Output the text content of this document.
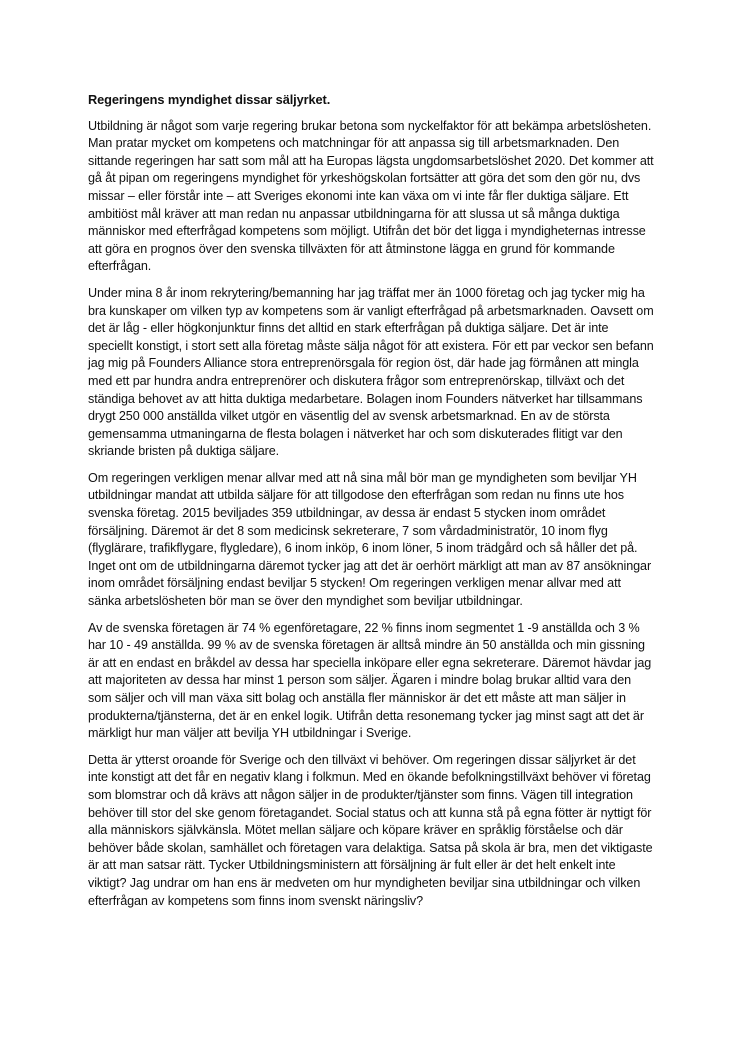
Regeringens myndighet dissar säljyrket.

Utbildning är något som varje regering brukar betona som nyckelfaktor för att bekämpa arbetslösheten. Man pratar mycket om kompetens och matchningar för att anpassa sig till arbetsmarknaden. Den sittande regeringen har satt som mål att ha Europas lägsta ungdomsarbetslöshet 2020. Det kommer att gå åt pipan om regeringens myndighet för yrkeshögskolan fortsätter att göra det som den gör nu, dvs missar – eller förstår inte – att Sveriges ekonomi inte kan växa om vi inte får fler duktiga säljare. Ett ambitiöst mål kräver att man redan nu anpassar utbildningarna för att slussa ut så många duktiga människor med efterfrågad kompetens som möjligt. Utifrån det bör det ligga i myndigheternas intresse att göra en prognos över den svenska tillväxten för att åtminstone lägga en grund för kommande efterfrågan.

Under mina 8 år inom rekrytering/bemanning har jag träffat mer än 1000 företag och jag tycker mig ha bra kunskaper om vilken typ av kompetens som är vanligt efterfrågad på arbetsmarknaden. Oavsett om det är låg - eller högkonjunktur finns det alltid en stark efterfrågan på duktiga säljare. Det är inte speciellt konstigt, i stort sett alla företag måste sälja något för att existera. För ett par veckor sen befann jag mig på Founders Alliance stora entreprenörsgala för region öst, där hade jag förmånen att mingla med ett par hundra andra entreprenörer och diskutera frågor som entreprenörskap, tillväxt och det ständiga behovet av att hitta duktiga medarbetare. Bolagen inom Founders nätverket har tillsammans drygt 250 000 anställda vilket utgör en väsentlig del av svensk arbetsmarknad. En av de största gemensamma utmaningarna de flesta bolagen i nätverket har och som diskuterades flitigt var den skriande bristen på duktiga säljare.

Om regeringen verkligen menar allvar med att nå sina mål bör man ge myndigheten som beviljar YH utbildningar mandat att utbilda säljare för att tillgodose den efterfrågan som redan nu finns ute hos svenska företag. 2015 beviljades 359 utbildningar, av dessa är endast 5 stycken inom området försäljning. Däremot är det 8 som medicinsk sekreterare, 7 som vårdadministratör, 10 inom flyg (flyglärare, trafikflygare, flygledare), 6 inom inköp, 6 inom löner, 5 inom trädgård och så håller det på. Inget ont om de utbildningarna däremot tycker jag att det är oerhört märkligt att man av 87 ansökningar inom området försäljning endast beviljar 5 stycken! Om regeringen verkligen menar allvar med att sänka arbetslösheten bör man se över den myndighet som beviljar utbildningar.

Av de svenska företagen är 74 % egenföretagare, 22 % finns inom segmentet 1 -9 anställda och 3 % har 10 - 49 anställda. 99 % av de svenska företagen är alltså mindre än 50 anställda och min gissning är att en endast en bråkdel av dessa har speciella inköpare eller egna sekreterare. Däremot hävdar jag att majoriteten av dessa har minst 1 person som säljer. Ägaren i mindre bolag brukar alltid vara den som säljer och vill man växa sitt bolag och anställa fler människor är det ett måste att man säljer in produkterna/tjänsterna, det är en enkel logik. Utifrån detta resonemang tycker jag minst sagt att det är märkligt hur man väljer att bevilja YH utbildningar i Sverige.

Detta är ytterst oroande för Sverige och den tillväxt vi behöver. Om regeringen dissar säljyrket är det inte konstigt att det får en negativ klang i folkmun. Med en ökande befolkningstillväxt behöver vi företag som blomstrar och då krävs att någon säljer in de produkter/tjänster som finns. Vägen till integration behöver till stor del ske genom företagandet. Social status och att kunna stå på egna fötter är nyttigt för alla människors självkänsla. Mötet mellan säljare och köpare kräver en språklig förståelse och där behöver både skolan, samhället och företagen vara delaktiga. Satsa på skola är bra, men det viktigaste är att man satsar rätt. Tycker Utbildningsministern att försäljning är fult eller är det helt enkelt inte viktigt? Jag undrar om han ens är medveten om hur myndigheten beviljar sina utbildningar och vilken efterfrågan av kompetens som finns inom svenskt näringsliv?
